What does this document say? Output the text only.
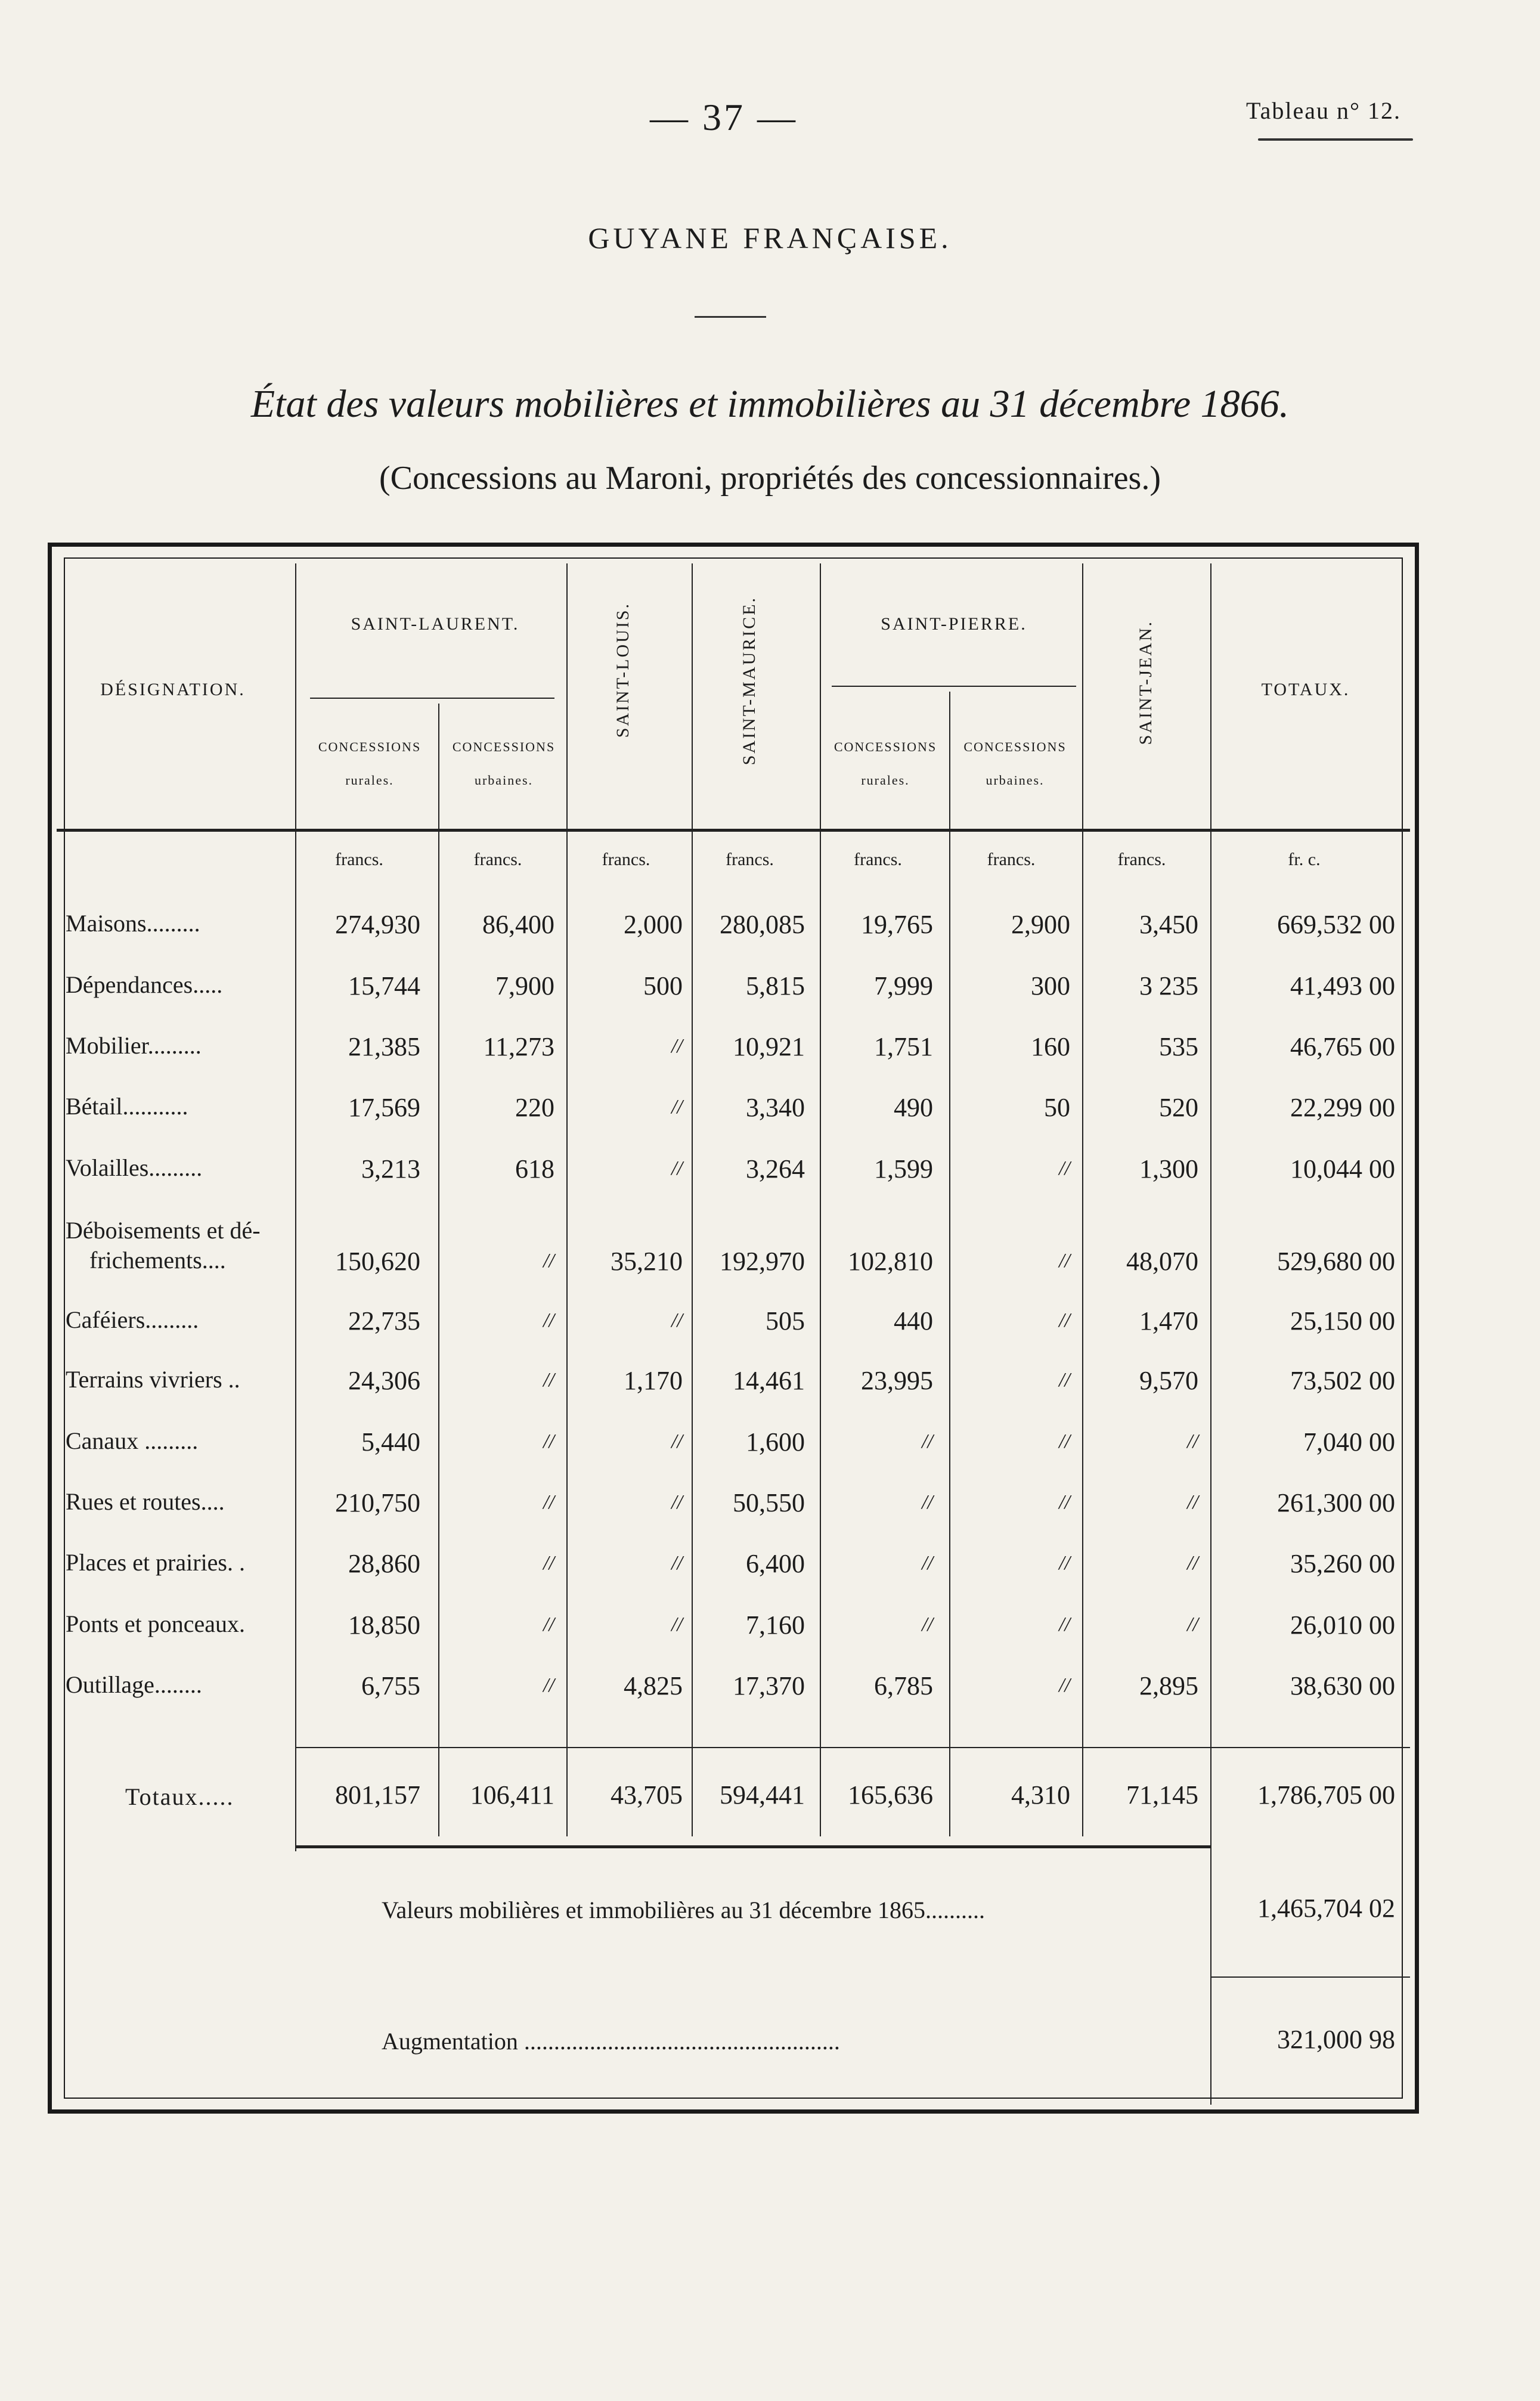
— 37 —	Tableau n° 12.
GUYANE FRANÇAISE.
État des valeurs mobilières et immobilières au 31 décembre 1866.
(Concessions au Maroni, propriétés des concessionnaires.)
DÉSIGNATION.
SAINT-LAURENT.	SAINT-PIERRE.
TOTAUX.
SAINT-LOUIS.	SAINT-MAURICE.	SAINT-JEAN.
CONCESSIONS
rurales.
CONCESSIONS
urbaines.
CONCESSIONS
rurales.
CONCESSIONS
urbaines.
francs.	francs.	francs.	francs.	francs.	francs.	francs.	fr. c.
Maisons.........	274,930	86,400	2,000	280,085	19,765	2,900	3,450	669,532 00
Dépendances.....	15,744	7,900	500	5,815	7,999	300	3 235	41,493 00
Mobilier.........	21,385	11,273	//	10,921	1,751	160	535	46,765 00
Bétail...........	17,569	220	//	3,340	490	50	520	22,299 00
Volailles.........	3,213	618	//	3,264	1,599	//	1,300	10,044 00
Déboisements et dé-
frichements....	150,620	//	35,210	192,970	102,810	//	48,070	529,680 00
Caféiers.........	22,735	//	//	505	440	//	1,470	25,150 00
Terrains vivriers ..	24,306	//	1,170	14,461	23,995	//	9,570	73,502 00
Canaux .........	5,440	//	//	1,600	//	//	//	7,040 00
Rues et routes....	210,750	//	//	50,550	//	//	//	261,300 00
Places et prairies. .	28,860	//	//	6,400	//	//	//	35,260 00
Ponts et ponceaux.	18,850	//	//	7,160	//	//	//	26,010 00
Outillage........	6,755	//	4,825	17,370	6,785	//	2,895	38,630 00
Totaux.....	801,157	106,411	43,705	594,441	165,636	4,310	71,145	1,786,705 00
Valeurs mobilières et immobilières au 31 décembre 1865..........	1,465,704 02
Augmentation .....................................................	321,000 98
